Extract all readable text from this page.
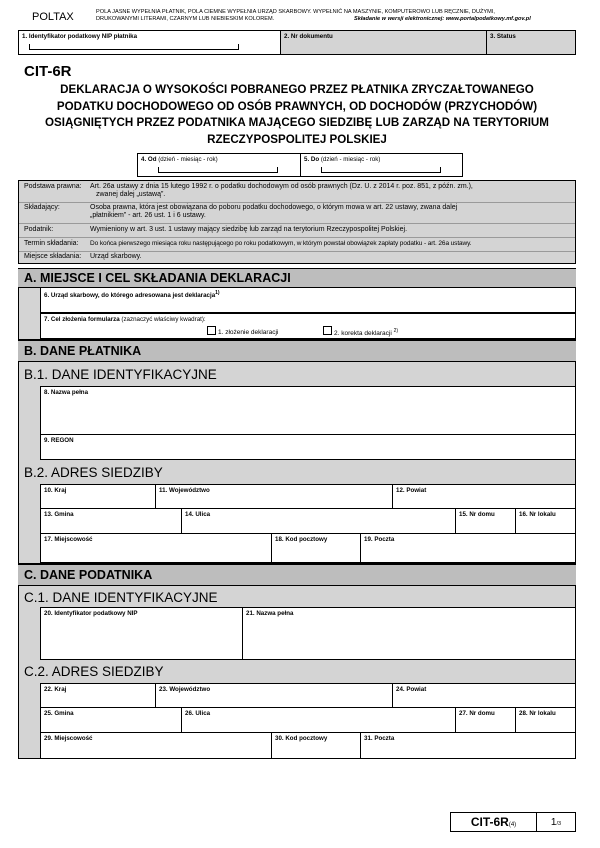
POLTAX	POLA JASNE WYPEŁNIA PŁATNIK, POLA CIEMNE WYPEŁNIA URZĄD SKARBOWY. WYPEŁNIĆ NA MASZYNIE, KOMPUTEROWO LUB RĘCZNIE, DUŻYMI,
DRUKOWANYMI LITERAMI, CZARNYM LUB NIEBIESKIM KOLOREM.	Składanie w wersji elektronicznej: www.portalpodatkowy.mf.gov.pl
1. Identyfikator podatkowy NIP płatnika	2. Nr dokumentu	3. Status
CIT-6R
DEKLARACJA O WYSOKOŚCI POBRANEGO PRZEZ PŁATNIKA ZRYCZAŁTOWANEGO
PODATKU DOCHODOWEGO OD OSÓB PRAWNYCH, OD DOCHODÓW (PRZYCHODÓW)
OSIĄGNIĘTYCH PRZEZ PODATNIKA MAJĄCEGO SIEDZIBĘ LUB ZARZĄD NA TERYTORIUM
RZECZYPOSPOLITEJ POLSKIEJ
4. Od (dzień - miesiąc - rok)	5. Do (dzień - miesiąc - rok)
Podstawa prawna: Art. 26a ustawy z dnia 15 lutego 1992 r. o podatku dochodowym od osób prawnych (Dz. U. z 2014 r. poz. 851, z późn. zm.),
zwanej dalej „ustawą”.
Składający:	Osoba prawna, która jest obowiązana do poboru podatku dochodowego, o którym mowa w art. 22 ustawy, zwana dalej
„płatnikiem” - art. 26 ust. 1 i 6 ustawy.
Podatnik:	Wymieniony w art. 3 ust. 1 ustawy mający siedzibę lub zarząd na terytorium Rzeczypospolitej Polskiej.
Termin składania: Do końca pierwszego miesiąca roku następującego po roku podatkowym, w którym powstał obowiązek zapłaty podatku - art. 26a ustawy.
Miejsce składania: Urząd skarbowy.
A. MIEJSCE I CEL SKŁADANIA DEKLARACJI
6. Urząd skarbowy, do którego adresowana jest deklaracja$^{1)}$
7. Cel złożenia formularza (zaznaczyć właściwy kwadrat):
1. złożenie deklaracji	2. korekta deklaracji $^{2)}$
B. DANE PŁATNIKA
B.1. DANE IDENTYFIKACYJNE
8. Nazwa pełna
9. REGON
B.2. ADRES SIEDZIBY
10. Kraj	11. Województwo	12. Powiat
13. Gmina	14. Ulica	15. Nr domu	16. Nr lokalu
17. Miejscowość	18. Kod pocztowy	19. Poczta
C. DANE PODATNIKA
C.1. DANE IDENTYFIKACYJNE
20. Identyfikator podatkowy NIP	21. Nazwa pełna
C.2. ADRES SIEDZIBY
22. Kraj	23. Województwo	24. Powiat
25. Gmina	26. Ulica	27. Nr domu	28. Nr lokalu
29. Miejscowość	30. Kod pocztowy	31. Poczta
CIT-6R (4)	1 /3
